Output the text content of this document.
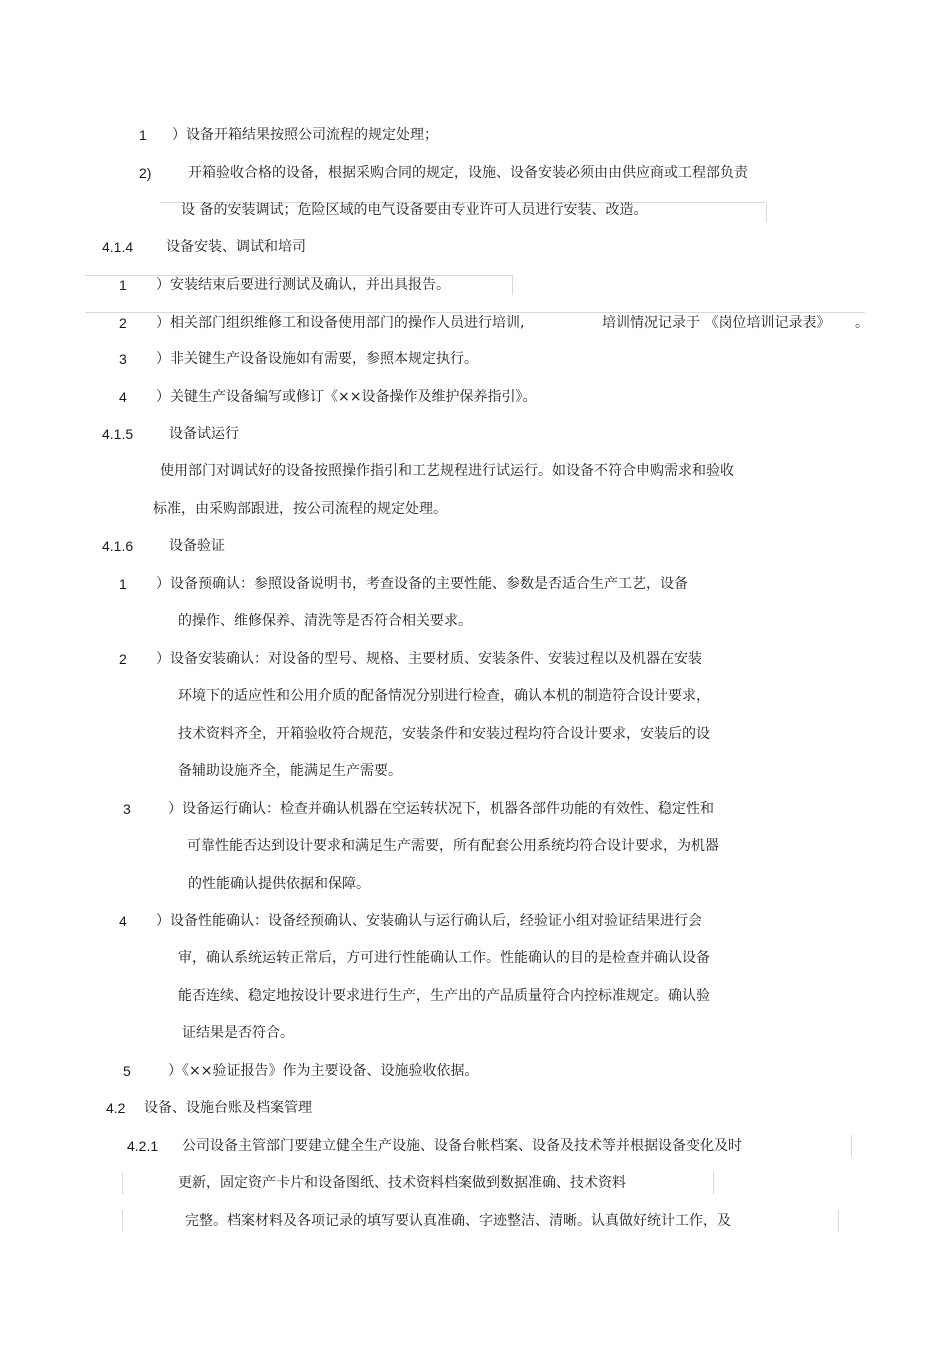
1 ）设备开箱结果按照公司流程的规定处理；
2)	开箱验收合格的设备，根据采购合同的规定，设施、设备安装必须由由供应商或工程部负责
设 备的安装调试；危险区域的电气设备要由专业许可人员进行安装、改造。
4.1.4 设备安装、调试和培司
1 ）安装结束后要进行测试及确认，并出具报告。
2 ）相关部门组织维修工和设备使用部门的操作人员进行培训,	培训情况记录于 《岗位培训记录表》 。
3 ）非关键生产设备设施如有需要，参照本规定执行。
4 ）关键生产设备编写或修订《××设备操作及维护保养指引》。
4.1.5	设备试运行
使用部门对调试好的设备按照操作指引和工艺规程进行试运行。如设备不符合申购需求和验收
标准，由采购部跟进，按公司流程的规定处理。
4.1.6	设备验证
1 ）设备预确认：参照设备说明书，考查设备的主要性能、参数是否适合生产工艺，设备
的操作、维修保养、清洗等是否符合相关要求。
2 ）设备安装确认：对设备的型号、规格、主要材质、安装条件、安装过程以及机器在安装
环境下的适应性和公用介质的配备情况分别进行检查，确认本机的制造符合设计要求，
技术资料齐全，开箱验收符合规范，安装条件和安装过程均符合设计要求，安装后的设
备辅助设施齐全，能满足生产需要。
3	）设备运行确认：检查并确认机器在空运转状况下，机器各部件功能的有效性、稳定性和
可靠性能否达到设计要求和满足生产需要，所有配套公用系统均符合设计要求，为机器
的性能确认提供依据和保障。
4 ）设备性能确认：设备经预确认、安装确认与运行确认后，经验证小组对验证结果进行会
审，确认系统运转正常后，方可进行性能确认工作。性能确认的目的是检查并确认设备
能否连续、稳定地按设计要求进行生产，生产出的产品质量符合内控标准规定。确认验
证结果是否符合。
5	）《××验证报告》作为主要设备、设施验收依据。
4.2 设备、设施台账及档案管理
4.2.1 公司设备主管部门要建立健全生产设施、设备台帐档案、设备及技术等并根据设备变化及时
更新，固定资产卡片和设备图纸、技术资料档案做到数据准确、技术资料
完整。档案材料及各项记录的填写要认真准确、字迹整洁、清晰。认真做好统计工作，及
